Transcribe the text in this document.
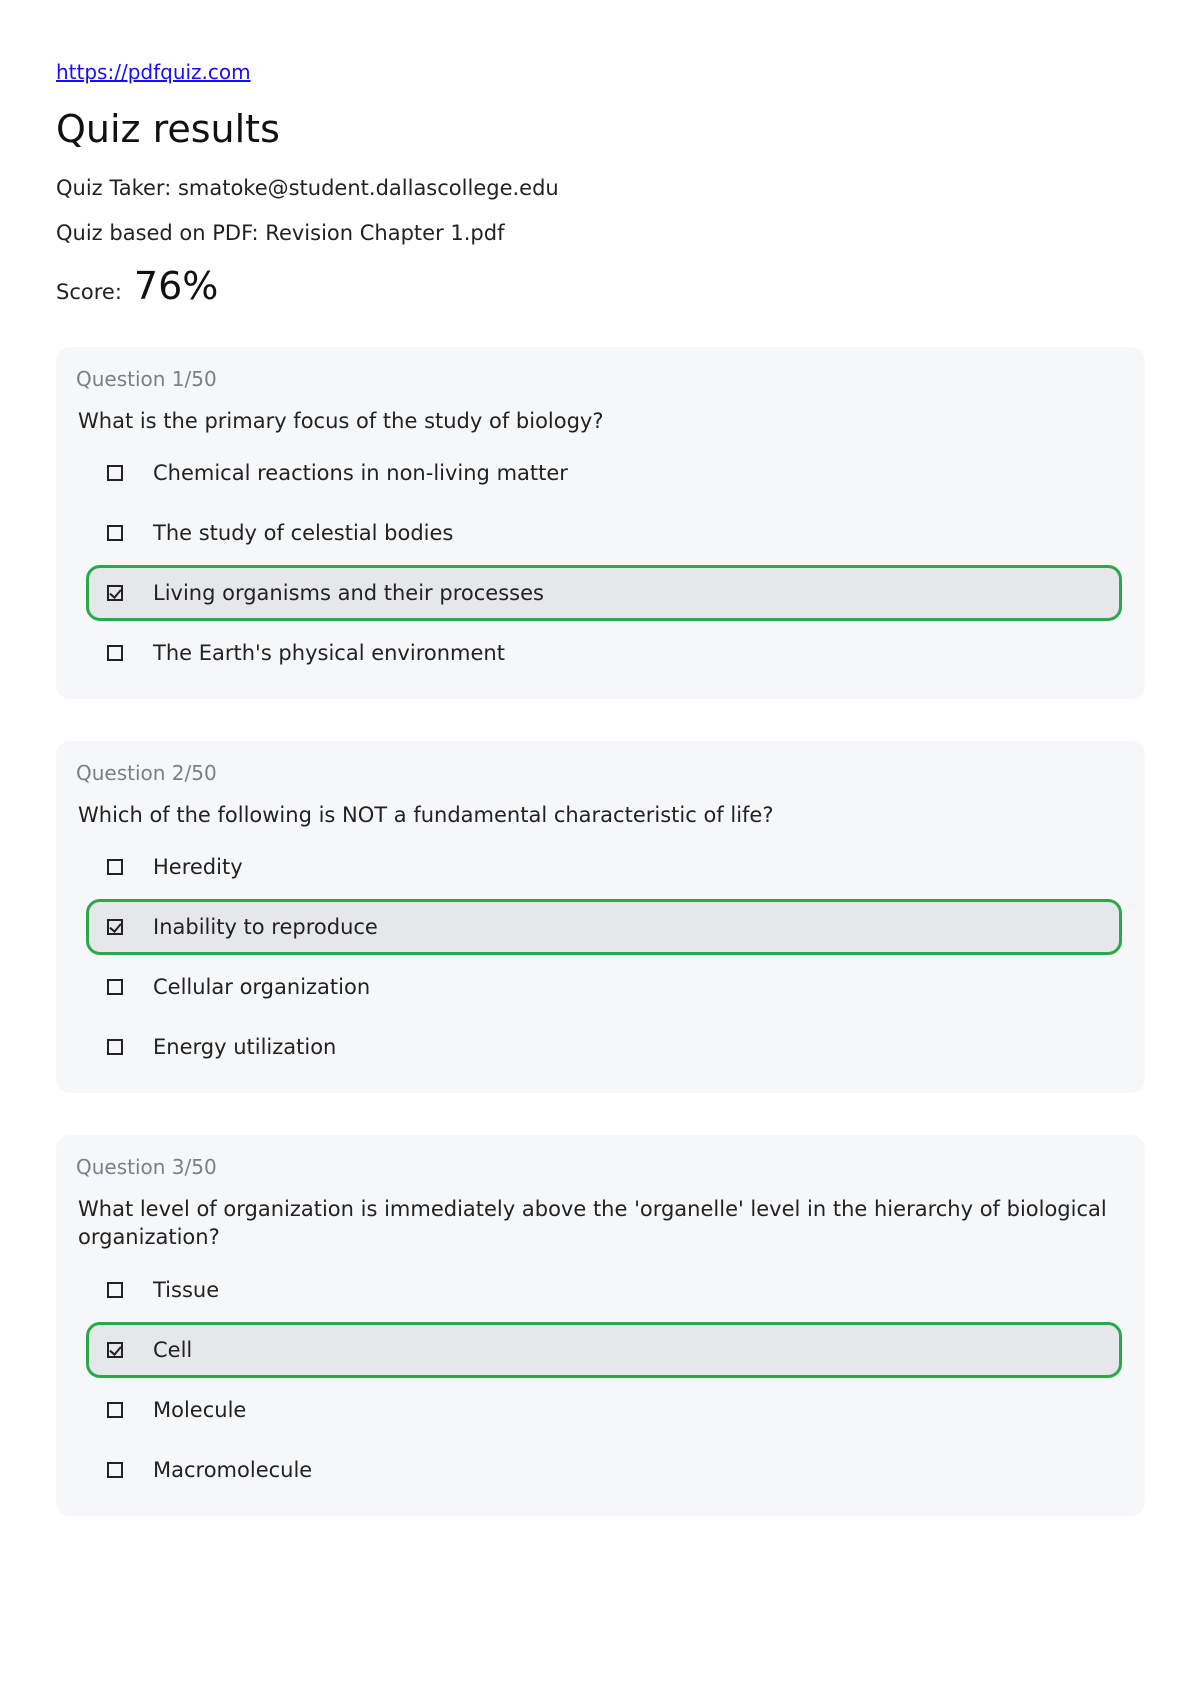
https://pdfquiz.com
Quiz results
Quiz Taker: smatoke@student.dallascollege.edu
Quiz based on PDF: Revision Chapter 1.pdf
Score: 76%
Question 1/50
What is the primary focus of the study of biology?
Chemical reactions in non-living matter
The study of celestial bodies
Living organisms and their processes
The Earth's physical environment
Question 2/50
Which of the following is NOT a fundamental characteristic of life?
Heredity
Inability to reproduce
Cellular organization
Energy utilization
Question 3/50
What level of organization is immediately above the 'organelle' level in the hierarchy of biological organization?
Tissue
Cell
Molecule
Macromolecule
